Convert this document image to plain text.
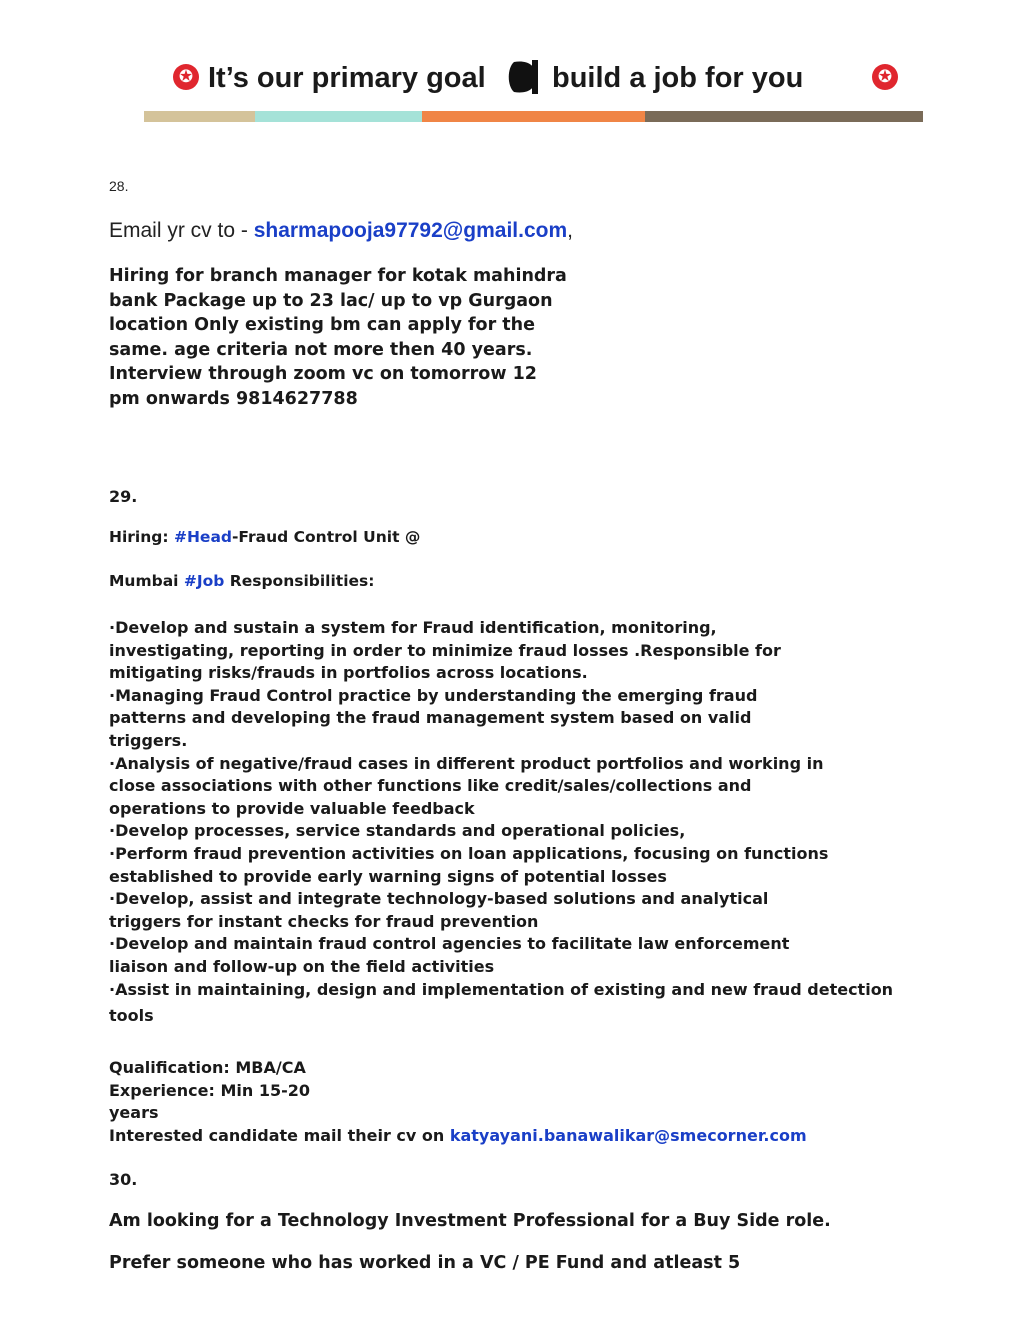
✪ It’s our primary goal build a job for you	✪
28.
Email yr cv to - sharmapooja97792@gmail.com,
Hiring for branch manager for kotak mahindra bank Package up to 23 lac/ up to vp Gurgaon location Only existing bm can apply for the same. age criteria not more then 40 years. Interview through zoom vc on tomorrow 12 pm onwards 9814627788
29.
Hiring: #Head-Fraud Control Unit @
Mumbai #Job Responsibilities:
·Develop and sustain a system for Fraud identification, monitoring,
investigating, reporting in order to minimize fraud losses .Responsible for
mitigating risks/frauds in portfolios across locations.
·Managing Fraud Control practice by understanding the emerging fraud
patterns and developing the fraud management system based on valid
triggers.
·Analysis of negative/fraud cases in different product portfolios and working in
close associations with other functions like credit/sales/collections and
operations to provide valuable feedback
·Develop processes, service standards and operational policies,
·Perform fraud prevention activities on loan applications, focusing on functions
established to provide early warning signs of potential losses
·Develop, assist and integrate technology-based solutions and analytical
triggers for instant checks for fraud prevention
·Develop and maintain fraud control agencies to facilitate law enforcement
liaison and follow-up on the field activities
·Assist in maintaining, design and implementation of existing and new fraud detection
tools
Qualification: MBA/CA
Experience: Min 15-20
years
Interested candidate mail their cv on katyayani.banawalikar@smecorner.com
30.
Am looking for a Technology Investment Professional for a Buy Side role.
Prefer someone who has worked in a VC / PE Fund and atleast 5
